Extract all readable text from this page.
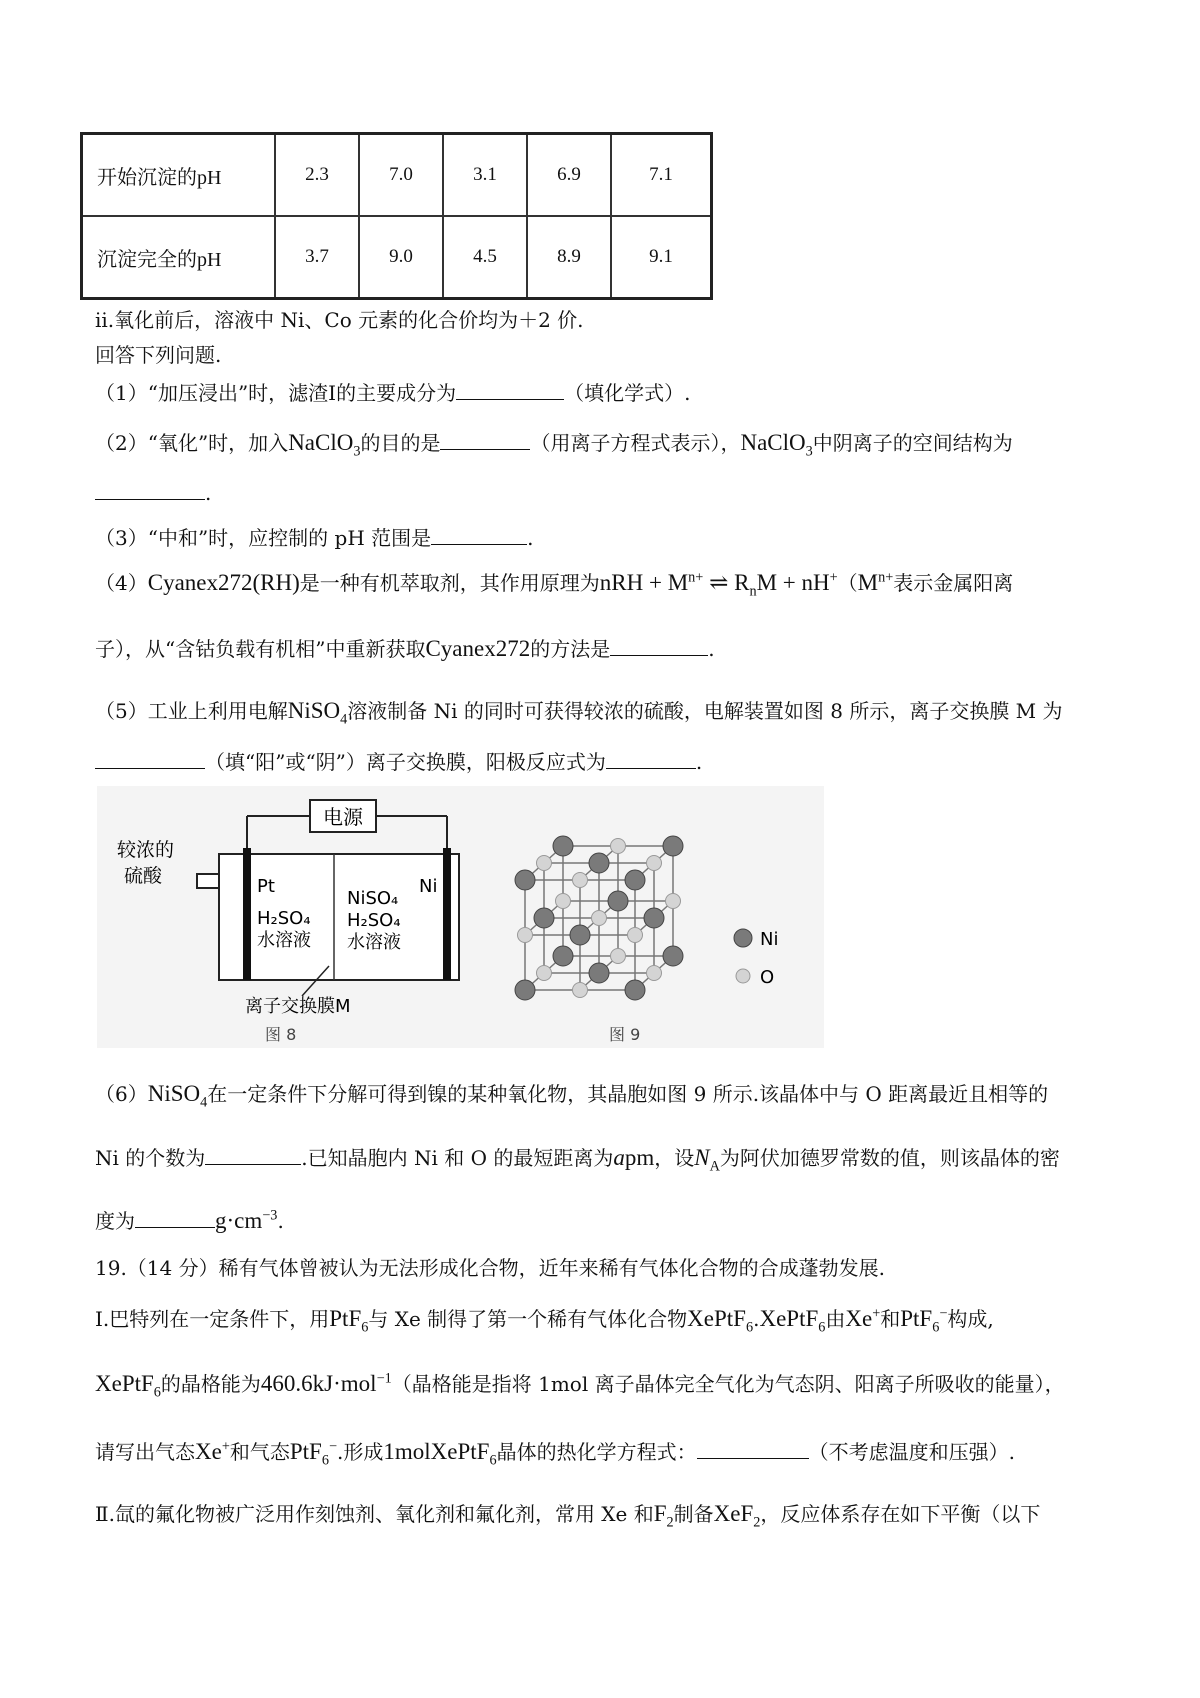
开始沉淀的pH	2.3	7.0	3.1	6.9	7.1
沉淀完全的pH	3.7	9.0	4.5	8.9	9.1
ii.氧化前后，溶液中 Ni、Co 元素的化合价均为＋2 价.
回答下列问题.
（1）“加压浸出”时，滤渣Ⅰ的主要成分为	（填化学式）.
（2）“氧化”时，加入NaClO$_3$的目的是	（用离子方程式表示），NaClO$_3$中阴离子的空间结构为
.
（3）“中和”时，应控制的 pH 范围是	.
（4）Cyanex272(RH)是一种有机萃取剂，其作用原理为nRH + $M^{n+}$ ⇌ $R_nM + nH^+(M^{n+}$表示金属阳离
子），从“含钴负载有机相”中重新获取Cyanex272的方法是	.
（5）工业上利用电解NiSO$_4$溶液制备 Ni 的同时可获得较浓的硫酸，电解装置如图 8 所示，离子交换膜 M 为
（填“阳”或“阴”）离子交换膜，阳极反应式为	.
电源
较浓的
硫酸	Pt	Ni
H₂SO₄
水溶液
NiSO₄
H₂SO₄
水溶液
离子交换膜M
图 8
Ni
O
图 9
（6）NiSO$_4$在一定条件下分解可得到镍的某种氧化物，其晶胞如图 9 所示.该晶体中与 O 距离最近且相等的
Ni 的个数为	.已知晶胞内 Ni 和 O 的最短距离为apm，设$N_A$为阿伏加德罗常数的值，则该晶体的密
度为	$g\cdot cm^{-3}$.
19.（14 分）稀有气体曾被认为无法形成化合物，近年来稀有气体化合物的合成蓬勃发展.
Ⅰ.巴特列在一定条件下，用PtF$_6$与 Xe 制得了第一个稀有气体化合物XePtF$_6$.XePtF$_6$由Xe+和PtF$_6$−构成,
XePtF$_6$的晶格能为460.6kJ·mol$^{-1}$（晶格能是指将 1mol 离子晶体完全气化为气态阴、阳离子所吸收的能量），
请写出气态Xe+和气态PtF$_6$−.形成1molXePtF$_6$晶体的热化学方程式：	（不考虑温度和压强）.
Ⅱ.氙的氟化物被广泛用作刻蚀剂、氧化剂和氟化剂，常用 Xe 和$F_2$制备XeF$_2$，反应体系存在如下平衡（以下
